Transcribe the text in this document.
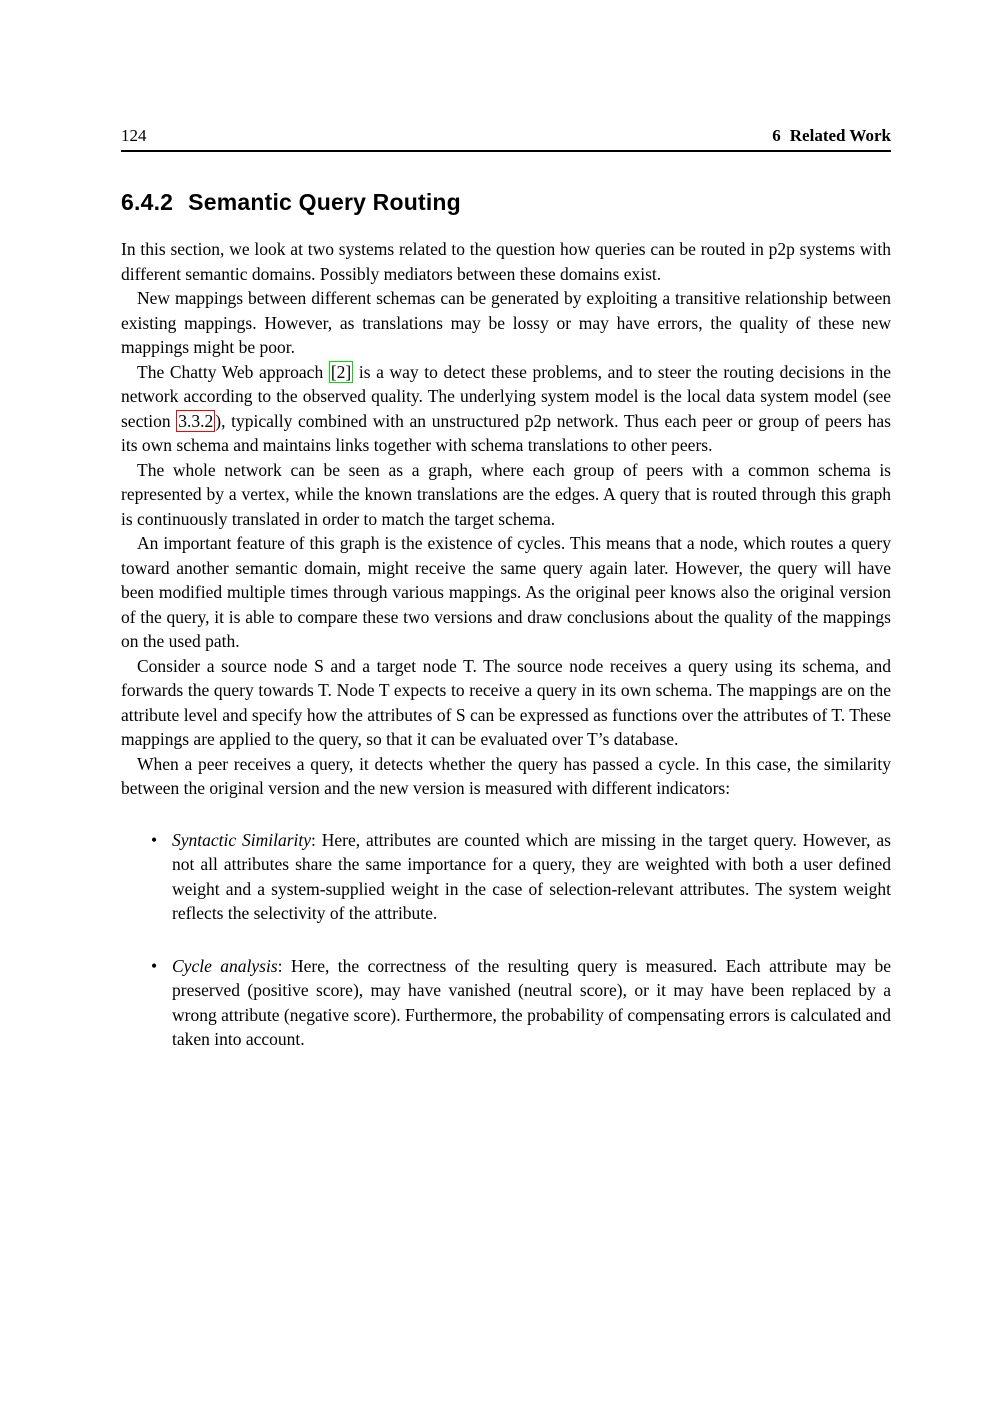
124	6 Related Work
6.4.2 Semantic Query Routing

In this section, we look at two systems related to the question how queries can be routed in p2p systems with different semantic domains. Possibly mediators between these domains exist.

New mappings between different schemas can be generated by exploiting a transitive relationship between existing mappings. However, as translations may be lossy or may have errors, the quality of these new mappings might be poor.

The Chatty Web approach [2] is a way to detect these problems, and to steer the routing decisions in the network according to the observed quality. The underlying system model is the local data system model (see section 3.3.2 ), typically combined with an unstructured p2p network. Thus each peer or group of peers has its own schema and maintains links together with schema translations to other peers.

The whole network can be seen as a graph, where each group of peers with a common schema is represented by a vertex, while the known translations are the edges. A query that is routed through this graph is continuously translated in order to match the target schema.

An important feature of this graph is the existence of cycles. This means that a node, which routes a query toward another semantic domain, might receive the same query again later. However, the query will have been modified multiple times through various mappings. As the original peer knows also the original version of the query, it is able to compare these two versions and draw conclusions about the quality of the mappings on the used path.

Consider a source node S and a target node T. The source node receives a query using its schema, and forwards the query towards T. Node T expects to receive a query in its own schema. The mappings are on the attribute level and specify how the attributes of S can be expressed as functions over the attributes of T. These mappings are applied to the query, so that it can be evaluated over T’s database.

When a peer receives a query, it detects whether the query has passed a cycle. In this case, the similarity between the original version and the new version is measured with different indicators:

• Syntactic Similarity: Here, attributes are counted which are missing in the target query. However, as not all attributes share the same importance for a query, they are weighted with both a user defined weight and a system-supplied weight in the case of selection-relevant attributes. The system weight reflects the selectivity of the attribute.
• Cycle analysis: Here, the correctness of the resulting query is measured. Each attribute may be preserved (positive score), may have vanished (neutral score), or it may have been replaced by a wrong attribute (negative score). Furthermore, the probability of compensating errors is calculated and taken into account.
